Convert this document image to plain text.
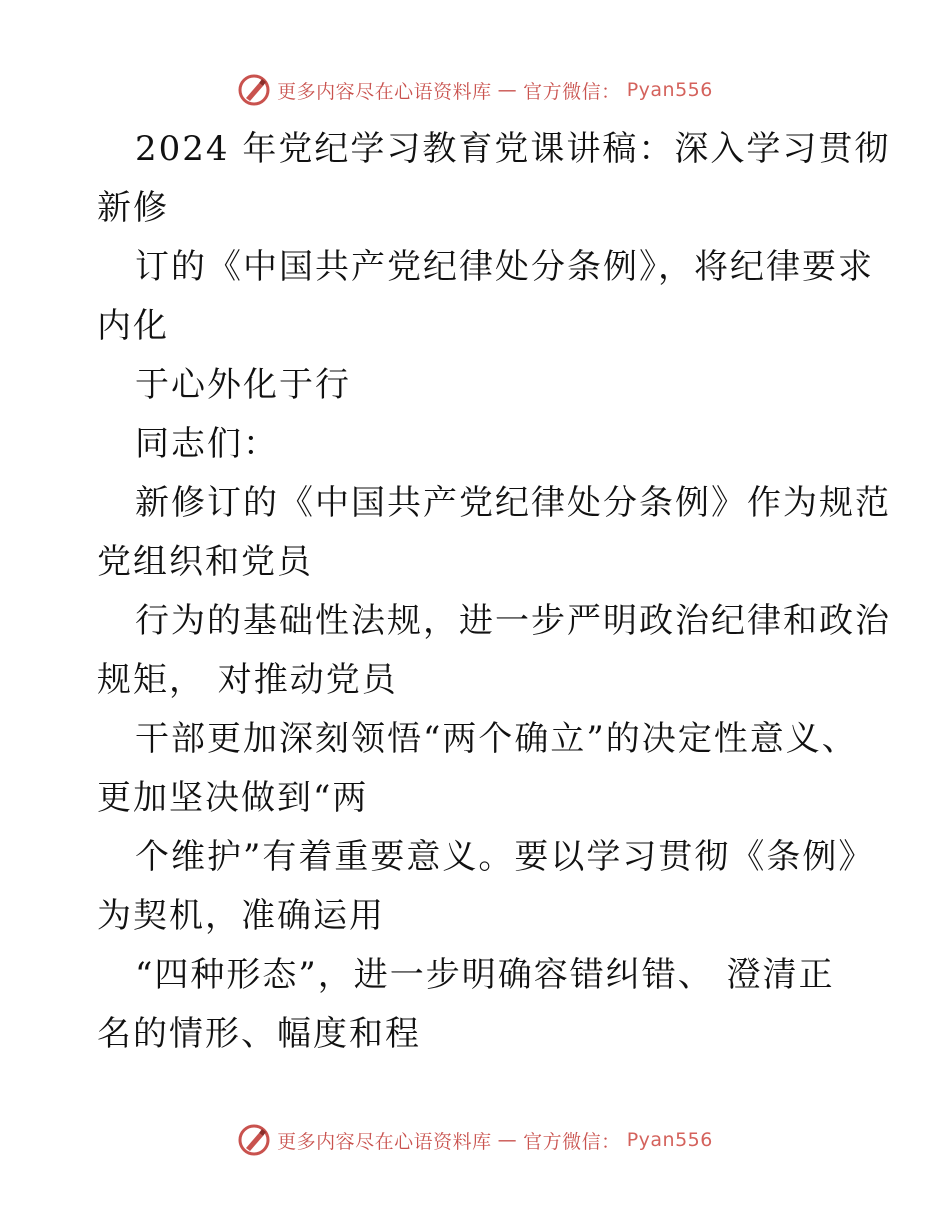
更多内容尽在心语资料库 — 官方微信： Pyan556
2024 年党纪学习教育党课讲稿：深入学习贯彻
新修
订的《中国共产党纪律处分条例》，将纪律要求
内化
于心外化于行
同志们：
新修订的《中国共产党纪律处分条例》作为规范
党组织和党员
行为的基础性法规，进一步严明政治纪律和政治
规矩， 对推动党员
干部更加深刻领悟“两个确立”的决定性意义、
更加坚决做到“两
个维护”有着重要意义。要以学习贯彻《条例》
为契机，准确运用
“四种形态”，进一步明确容错纠错、 澄清正
名的情形、幅度和程
更多内容尽在心语资料库 — 官方微信： Pyan556
